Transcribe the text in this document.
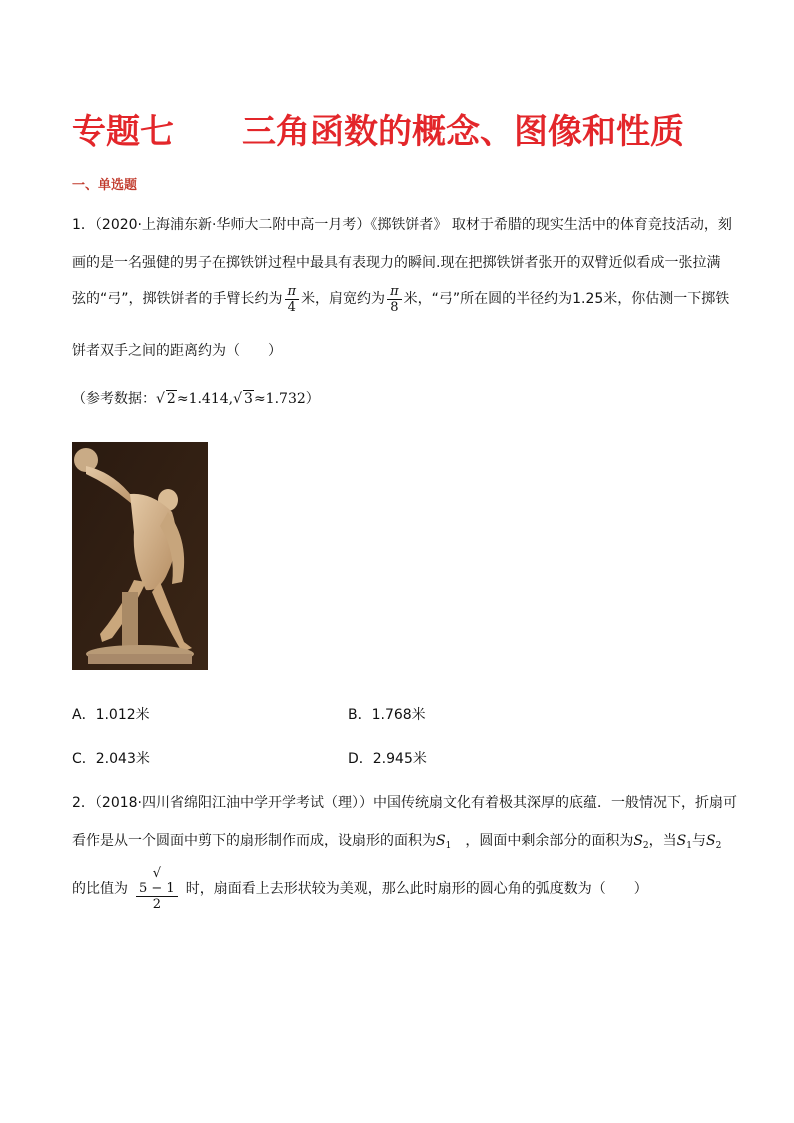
专题七 三角函数的概念、图像和性质
一、单选题
1．（2020·上海浦东新·华师大二附中高一月考）《掷铁饼者》 取材于希腊的现实生活中的体育竞技活动，刻
画的是一名强健的男子在掷铁饼过程中最具有表现力的瞬间.现在把掷铁饼者张开的双臂近似看成一张拉满
弦的“弓”，掷铁饼者的手臂长约为 $\frac{\pi}{4}$ 米，肩宽约为 $\frac{\pi}{8}$ 米，“弓”所在圆的半径约为1.25米，你估测一下掷铁
饼者双手之间的距离约为（　　）
（参考数据：√ 2≈1.414,√ 3≈1.732）
A．1.012米	B．1.768米
C．2.043米	D．2.945米
2．（2018·四川省绵阳江油中学开学考试（理））中国传统扇文化有着极其深厚的底蕴．一般情况下，折扇可
看作是从一个圆面中剪下的扇形制作而成，设扇形的面积为$S_1$　 ，圆面中剩余部分的面积为$S_2$，当$S_1$与$S_2$
的比值为 √
5 − 1
2 时，扇面看上去形状较为美观，那么此时扇形的圆心角的弧度数为（　　）
